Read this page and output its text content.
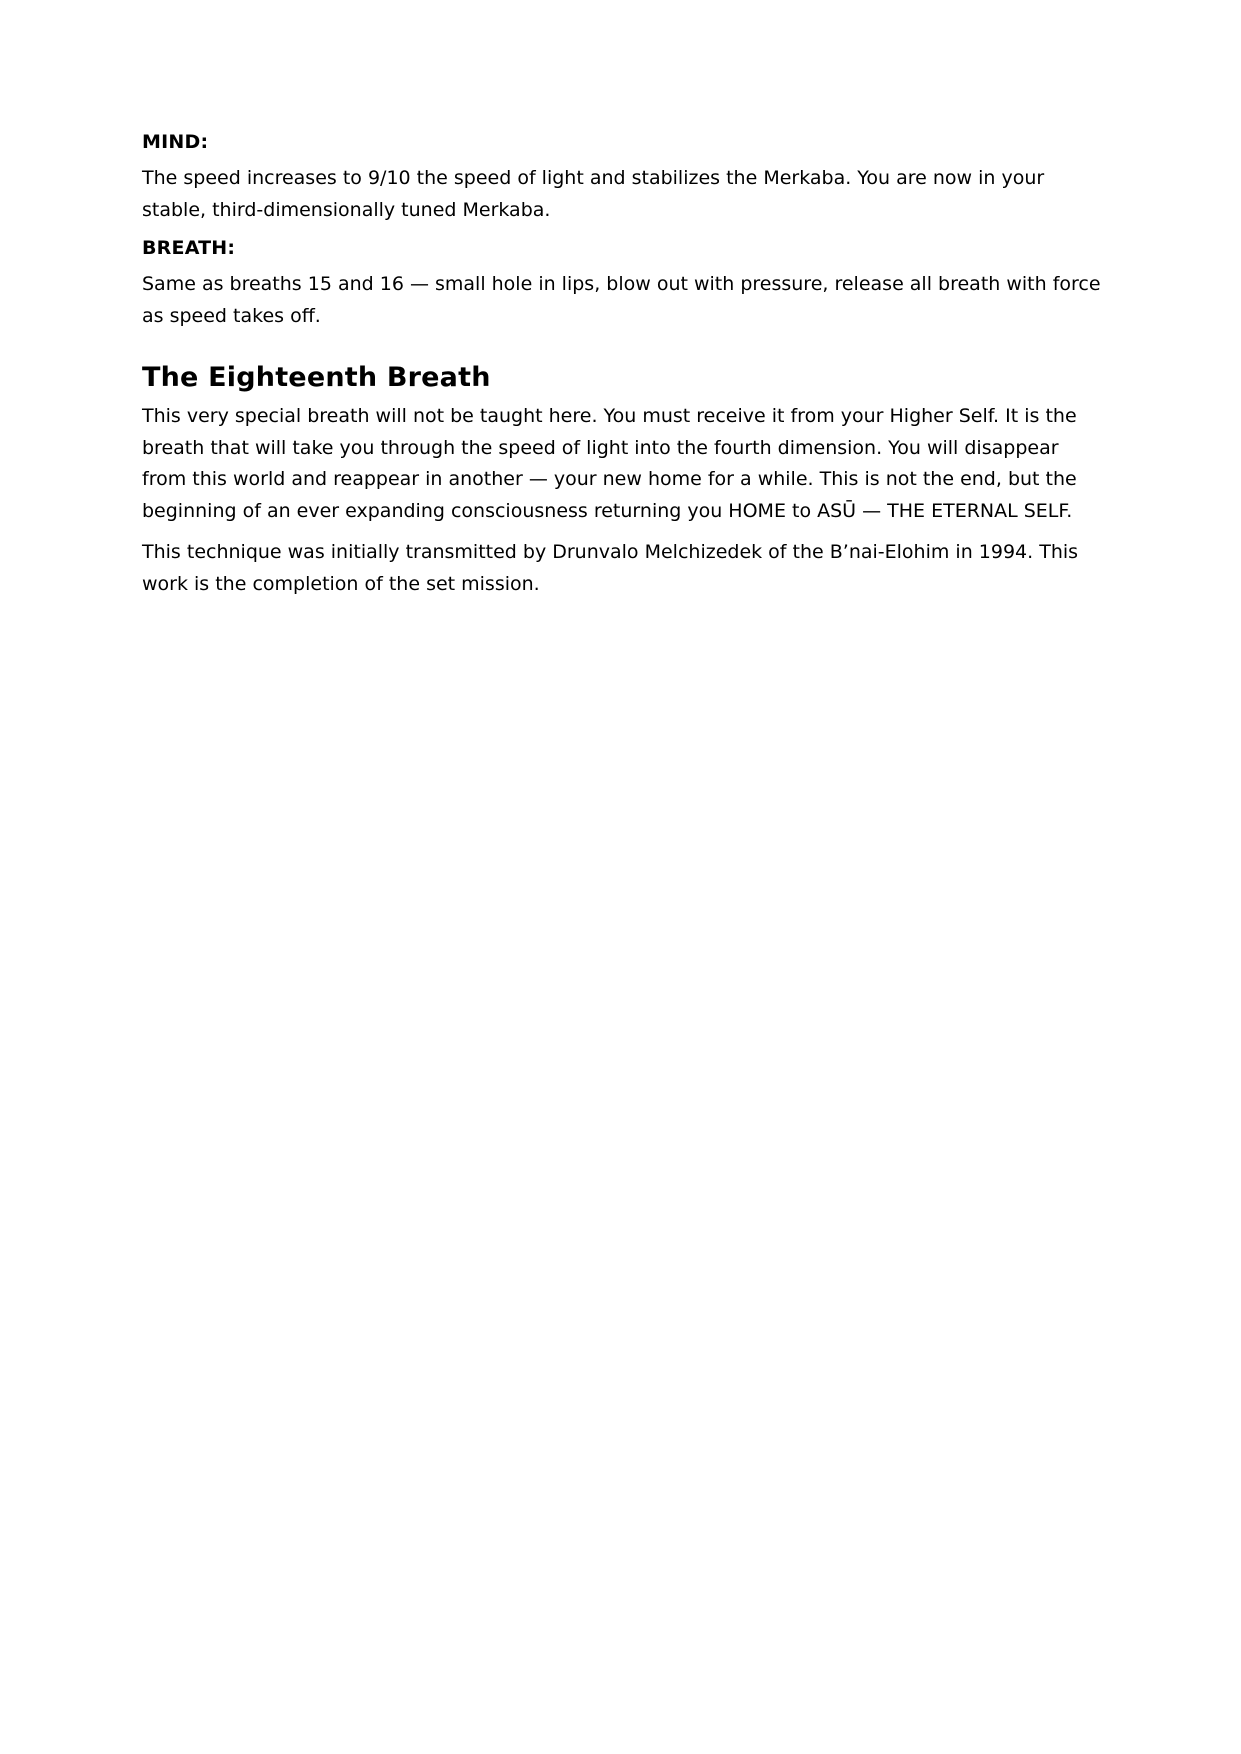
MIND:

The speed increases to 9/10 the speed of light and stabilizes the Merkaba. You are now in your stable, third-dimensionally tuned Merkaba.

BREATH:

Same as breaths 15 and 16 — small hole in lips, blow out with pressure, release all breath with force as speed takes off.

The Eighteenth Breath

This very special breath will not be taught here. You must receive it from your Higher Self. It is the breath that will take you through the speed of light into the fourth dimension. You will disappear from this world and reappear in another — your new home for a while. This is not the end, but the beginning of an ever expanding consciousness returning you HOME to ASŪ — THE ETERNAL SELF.

This technique was initially transmitted by Drunvalo Melchizedek of the B’nai-Elohim in 1994. This work is the completion of the set mission.
